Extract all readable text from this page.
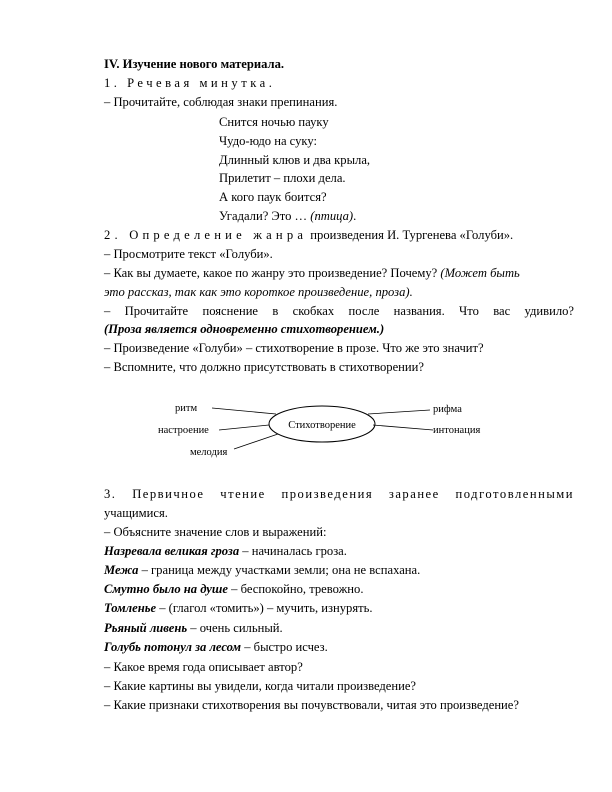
IV. Изучение нового материала.
1. Речевая минутка.
– Прочитайте, соблюдая знаки препинания.
Снится ночью пауку
Чудо-юдо на суку:
Длинный клюв и два крыла,
Прилетит – плохи дела.
А кого паук боится?
Угадали? Это … (птица).
2. Определение жанра произведения И. Тургенева «Голуби».
– Просмотрите текст «Голуби».
– Как вы думаете, какое по жанру это произведение? Почему? (Может быть
это рассказ, так как это короткое произведение, проза).
– Прочитайте пояснение в скобках после названия. Что вас удивило?
(Проза является одновременно стихотворением.)
– Произведение «Голуби» – стихотворение в прозе. Что же это значит?
– Вспомните, что должно присутствовать в стихотворении?
Стихотворение
ритм
настроение
мелодия
рифма
интонация
3. Первичное чтение произведения заранее подготовленными
учащимися.
– Объясните значение слов и выражений:
Назревала великая гроза – начиналась гроза.
Межа – граница между участками земли; она не вспахана.
Смутно было на душе – беспокойно, тревожно.
Томленье – (глагол «томить») – мучить, изнурять.
Рьяный ливень – очень сильный.
Голубь потонул за лесом – быстро исчез.
– Какое время года описывает автор?
– Какие картины вы увидели, когда читали произведение?
– Какие признаки стихотворения вы почувствовали, читая это произведение?
